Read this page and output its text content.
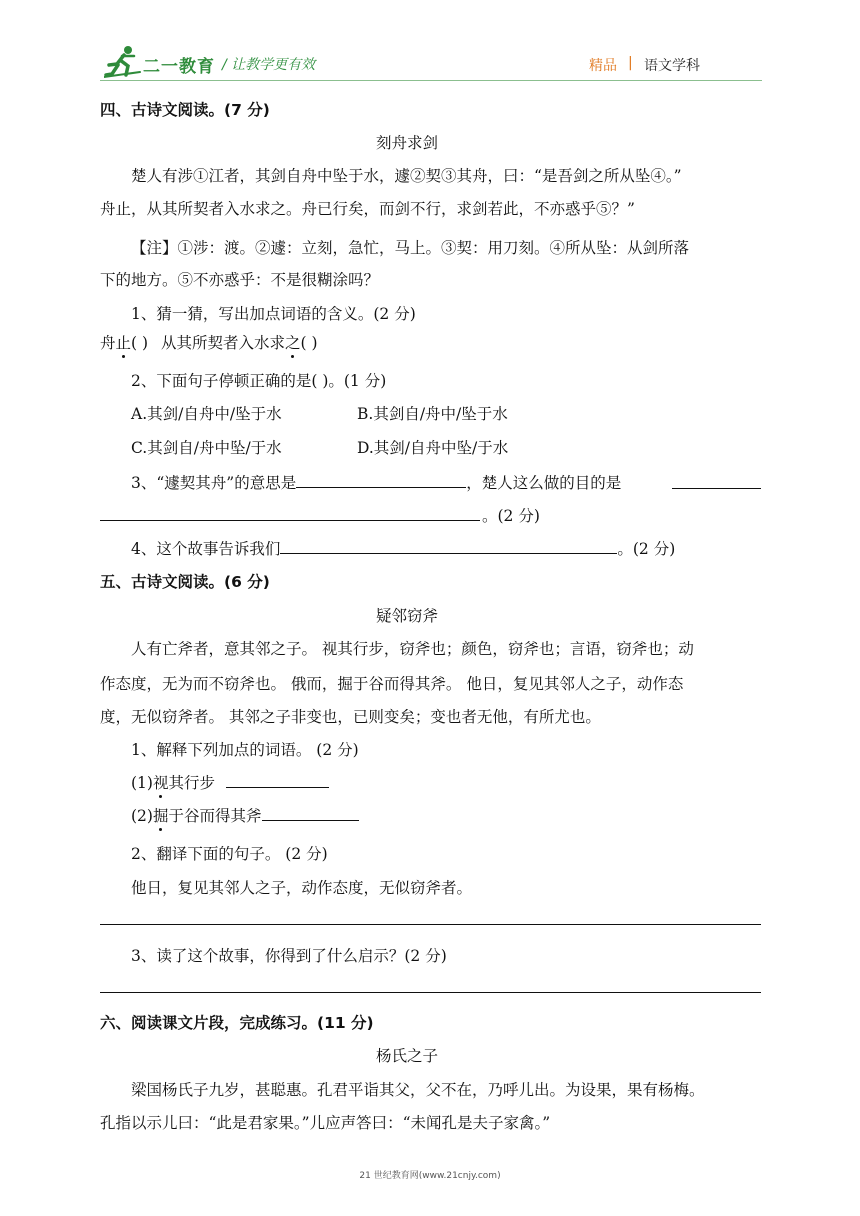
二一教育 / 让教学更有效	精品 | 语文学科
四、古诗文阅读。(7 分)
刻舟求剑
楚人有涉①江者，其剑自舟中坠于水，遽②契③其舟，曰：“是吾剑之所从坠④。”
舟止，从其所契者入水求之。舟已行矣，而剑不行，求剑若此，不亦惑乎⑤？”
【注】①涉：渡。②遽：立刻，急忙，马上。③契：用刀刻。④所从坠：从剑所落
下的地方。⑤不亦惑乎：不是很糊涂吗？
1、猜一猜，写出加点词语的含义。(2 分)
舟止( ) 从其所契者入水求之( )
2、下面句子停顿正确的是( )。(1 分)
A.其剑/自舟中/坠于水	B.其剑自/舟中/坠于水
C.其剑自/舟中坠/于水	D.其剑/自舟中坠/于水
3、“遽契其舟”的意思是	，楚人这么做的目的是
。(2 分)
4、这个故事告诉我们	。(2 分)
五、古诗文阅读。(6 分)
疑邻窃斧
人有亡斧者，意其邻之子。 视其行步，窃斧也；颜色，窃斧也；言语，窃斧也；动
作态度，无为而不窃斧也。 俄而，掘于谷而得其斧。 他日，复见其邻人之子，动作态
度，无似窃斧者。 其邻之子非变也，已则变矣；变也者无他，有所尤也。
1、解释下列加点的词语。 (2 分)
(1)视其行步
(2)掘于谷而得其斧
2、翻译下面的句子。 (2 分)
他日，复见其邻人之子，动作态度，无似窃斧者。
3、读了这个故事，你得到了什么启示？(2 分)
六、阅读课文片段，完成练习。(11 分)
杨氏之子
梁国杨氏子九岁，甚聪惠。孔君平诣其父，父不在，乃呼儿出。为设果，果有杨梅。
孔指以示儿曰：“此是君家果。”儿应声答曰：“未闻孔是夫子家禽。”
21 世纪教育网(www.21cnjy.com)
